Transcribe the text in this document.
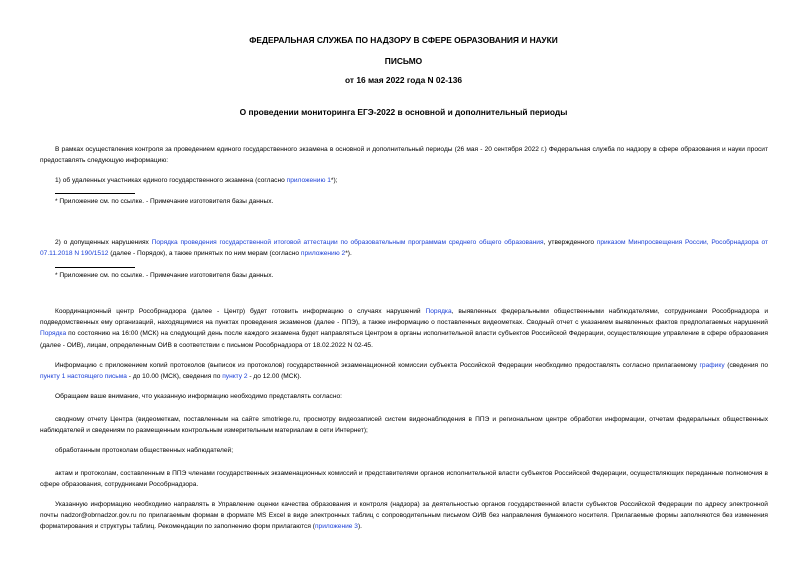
ФЕДЕРАЛЬНАЯ СЛУЖБА ПО НАДЗОРУ В СФЕРЕ ОБРАЗОВАНИЯ И НАУКИ

ПИСЬМО

от 16 мая 2022 года N 02-136

О проведении мониторинга ЕГЭ-2022 в основной и дополнительный периоды

В рамках осуществления контроля за проведением единого государственного экзамена в основной и дополнительный периоды (26 мая - 20 сентября 2022 г.) Федеральная служба по надзору в сфере образования и науки просит предоставлять следующую информацию:

1) об удаленных участниках единого государственного экзамена (согласно приложению 1*);

* Приложение см. по ссылке. - Примечание изготовителя базы данных.

2) о допущенных нарушениях Порядка проведения государственной итоговой аттестации по образовательным программам среднего общего образования, утвержденного приказом Минпросвещения России, Рособрнадзора от 07.11.2018 N 190/1512 (далее - Порядок), а также принятых по ним мерам (согласно приложению 2*).

* Приложение см. по ссылке. - Примечание изготовителя базы данных.

Координационный центр Рособрнадзора (далее - Центр) будет готовить информацию о случаях нарушений Порядка, выявленных федеральными общественными наблюдателями, сотрудниками Рособрнадзора и подведомственных ему организаций, находящимися на пунктах проведения экзаменов (далее - ППЭ), а также информацию о поставленных видеометках. Сводный отчет с указанием выявленных фактов предполагаемых нарушений Порядка по состоянию на 16:00 (МСК) на следующий день после каждого экзамена будет направляться Центром в органы исполнительной власти субъектов Российской Федерации, осуществляющие управление в сфере образования (далее - ОИВ), лицам, определенным ОИВ в соответствии с письмом Рособрнадзора от 18.02.2022 N 02-45.

Информацию с приложением копий протоколов (выписок из протоколов) государственной экзаменационной комиссии субъекта Российской Федерации необходимо предоставлять согласно прилагаемому графику (сведения по пункту 1 настоящего письма - до 10.00 (МСК), сведения по пункту 2 - до 12.00 (МСК).

Обращаем ваше внимание, что указанную информацию необходимо представлять согласно:

сводному отчету Центра (видеометкам, поставленным на сайте smotriege.ru, просмотру видеозаписей систем видеонаблюдения в ППЭ и региональном центре обработки информации, отчетам федеральных общественных наблюдателей и сведениям по размещенным контрольным измерительным материалам в сети Интернет);

обработанным протоколам общественных наблюдателей;

актам и протоколам, составленным в ППЭ членами государственных экзаменационных комиссий и представителями органов исполнительной власти субъектов Российской Федерации, осуществляющих переданные полномочия в сфере образования, сотрудниками Рособрнадзора.

Указанную информацию необходимо направлять в Управление оценки качества образования и контроля (надзора) за деятельностью органов государственной власти субъектов Российской Федерации по адресу электронной почты nadzor@obrnadzor.gov.ru по прилагаемым формам в формате MS Excel в виде электронных таблиц с сопроводительным письмом ОИВ без направления бумажного носителя. Прилагаемые формы заполняются без изменения форматирования и структуры таблиц. Рекомендации по заполнению форм прилагаются (приложение 3).
